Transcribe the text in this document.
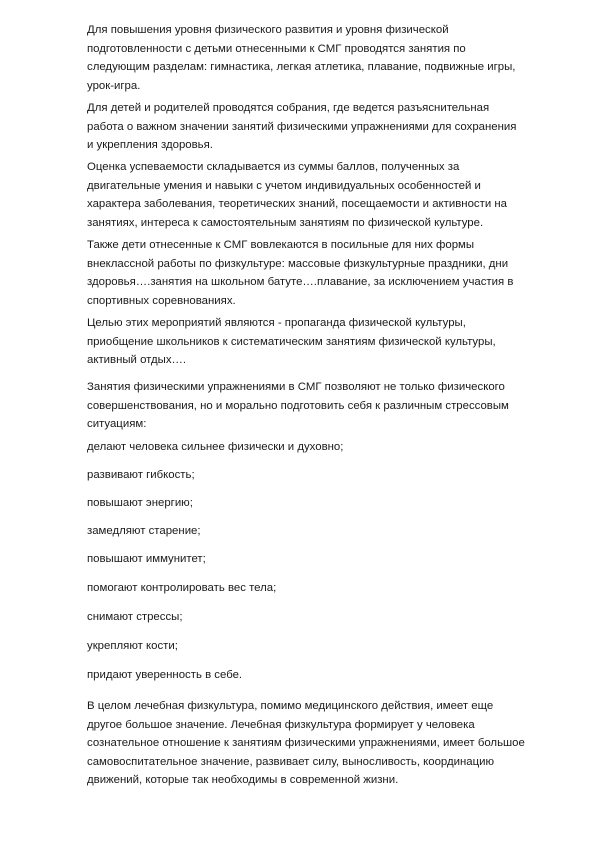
Для повышения уровня физического развития и уровня физической
подготовленности с детьми отнесенными к СМГ проводятся занятия по
следующим разделам: гимнастика, легкая атлетика, плавание, подвижные игры,
урок-игра.

Для детей и родителей проводятся собрания, где ведется разъяснительная
работа о важном значении занятий физическими упражнениями для сохранения
и укрепления здоровья.

Оценка успеваемости складывается из суммы баллов, полученных за
двигательные умения и навыки с учетом индивидуальных особенностей и
характера заболевания, теоретических знаний, посещаемости и активности на
занятиях, интереса к самостоятельным занятиям по физической культуре.

Также дети отнесенные к СМГ вовлекаются в посильные для них формы
внеклассной работы по физкультуре: массовые физкультурные праздники, дни
здоровья….занятия на школьном батуте….плавание, за исключением участия в
спортивных соревнованиях.

Целью этих мероприятий являются - пропаганда физической культуры,
приобщение школьников к систематическим занятиям физической культуры,
активный отдых….

Занятия физическими упражнениями в СМГ позволяют не только физического
совершенствования, но и морально подготовить себя к различным стрессовым
ситуациям:

делают человека сильнее физически и духовно;

развивают гибкость;

повышают энергию;

замедляют старение;

повышают иммунитет;

помогают контролировать вес тела;

снимают стрессы;

укрепляют кости;

придают уверенность в себе.

В целом лечебная физкультура, помимо медицинского действия, имеет еще
другое большое значение. Лечебная физкультура формирует у человека
сознательное отношение к занятиям физическими упражнениями, имеет большое
самовоспитательное значение, развивает силу, выносливость, координацию
движений, которые так необходимы в современной жизни.
